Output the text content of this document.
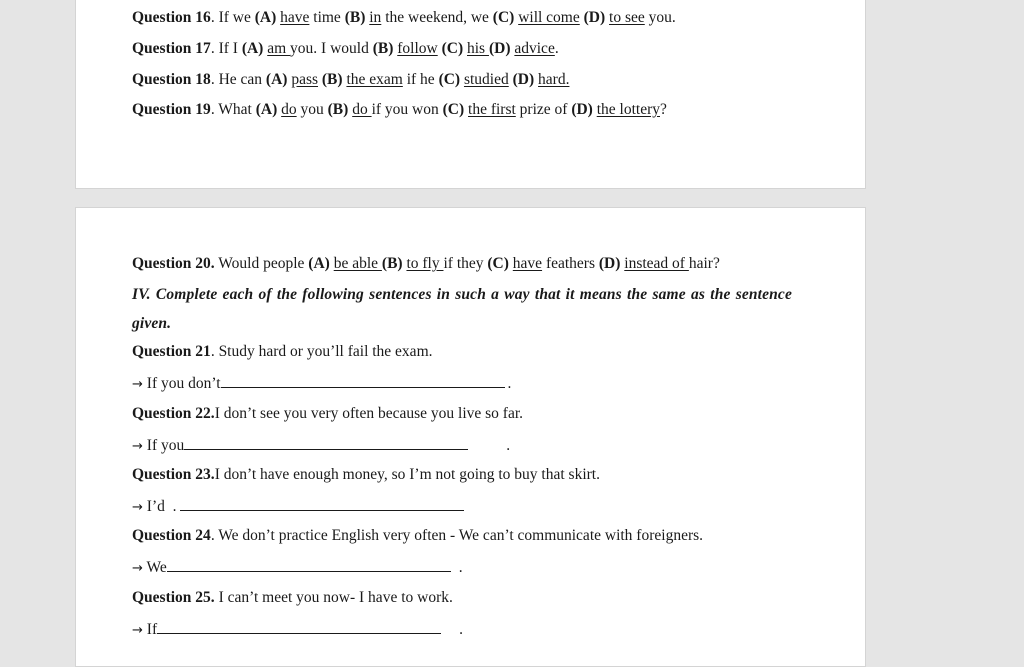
Question 16. If we (A) have time (B) in the weekend, we (C) will come (D) to see you.
Question 17. If I (A) am you. I would (B) follow (C) his (D) advice.
Question 18. He can (A) pass (B) the exam if he (C) studied (D) hard.
Question 19. What (A) do you (B) do if you won (C) the first prize of (D) the lottery?
Question 20. Would people (A) be able (B) to fly if they (C) have feathers (D) instead of hair?
IV. Complete each of the following sentences in such a way that it means the same as the sentence given.
Question 21. Study hard or you’ll fail the exam.
→ If you don’t	.
Question 22.I don’t see you very often because you live so far.
→ If you	.
Question 23.I don’t have enough money, so I’m not going to buy that skirt.
→ I’d  .
Question 24. We don’t practice English very often - We can’t communicate with foreigners.
→ We	.
Question 25. I can’t meet you now- I have to work.
→ If	.
